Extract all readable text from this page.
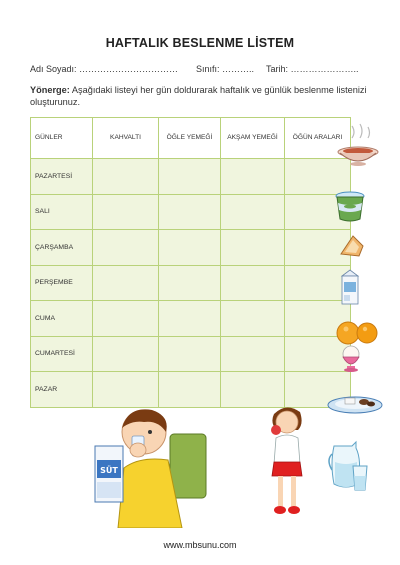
HAFTALIK BESLENME LİSTEM
Adı Soyadı: …………………………… Sınıfı: ……….. Tarih: …………………..
Yönerge: Aşağıdaki listeyi her gün doldurarak haftalık ve günlük beslenme listenizi oluşturunuz.
GÜNLER	KAHVALTI	ÖĞLE YEMEĞİ	AKŞAM YEMEĞİ	ÖĞÜN ARALARI
PAZARTESİ				
SALI				
ÇARŞAMBA				
PERŞEMBE				
CUMA				
CUMARTESİ				
PAZAR				
SÜT
www.mbsunu.com
